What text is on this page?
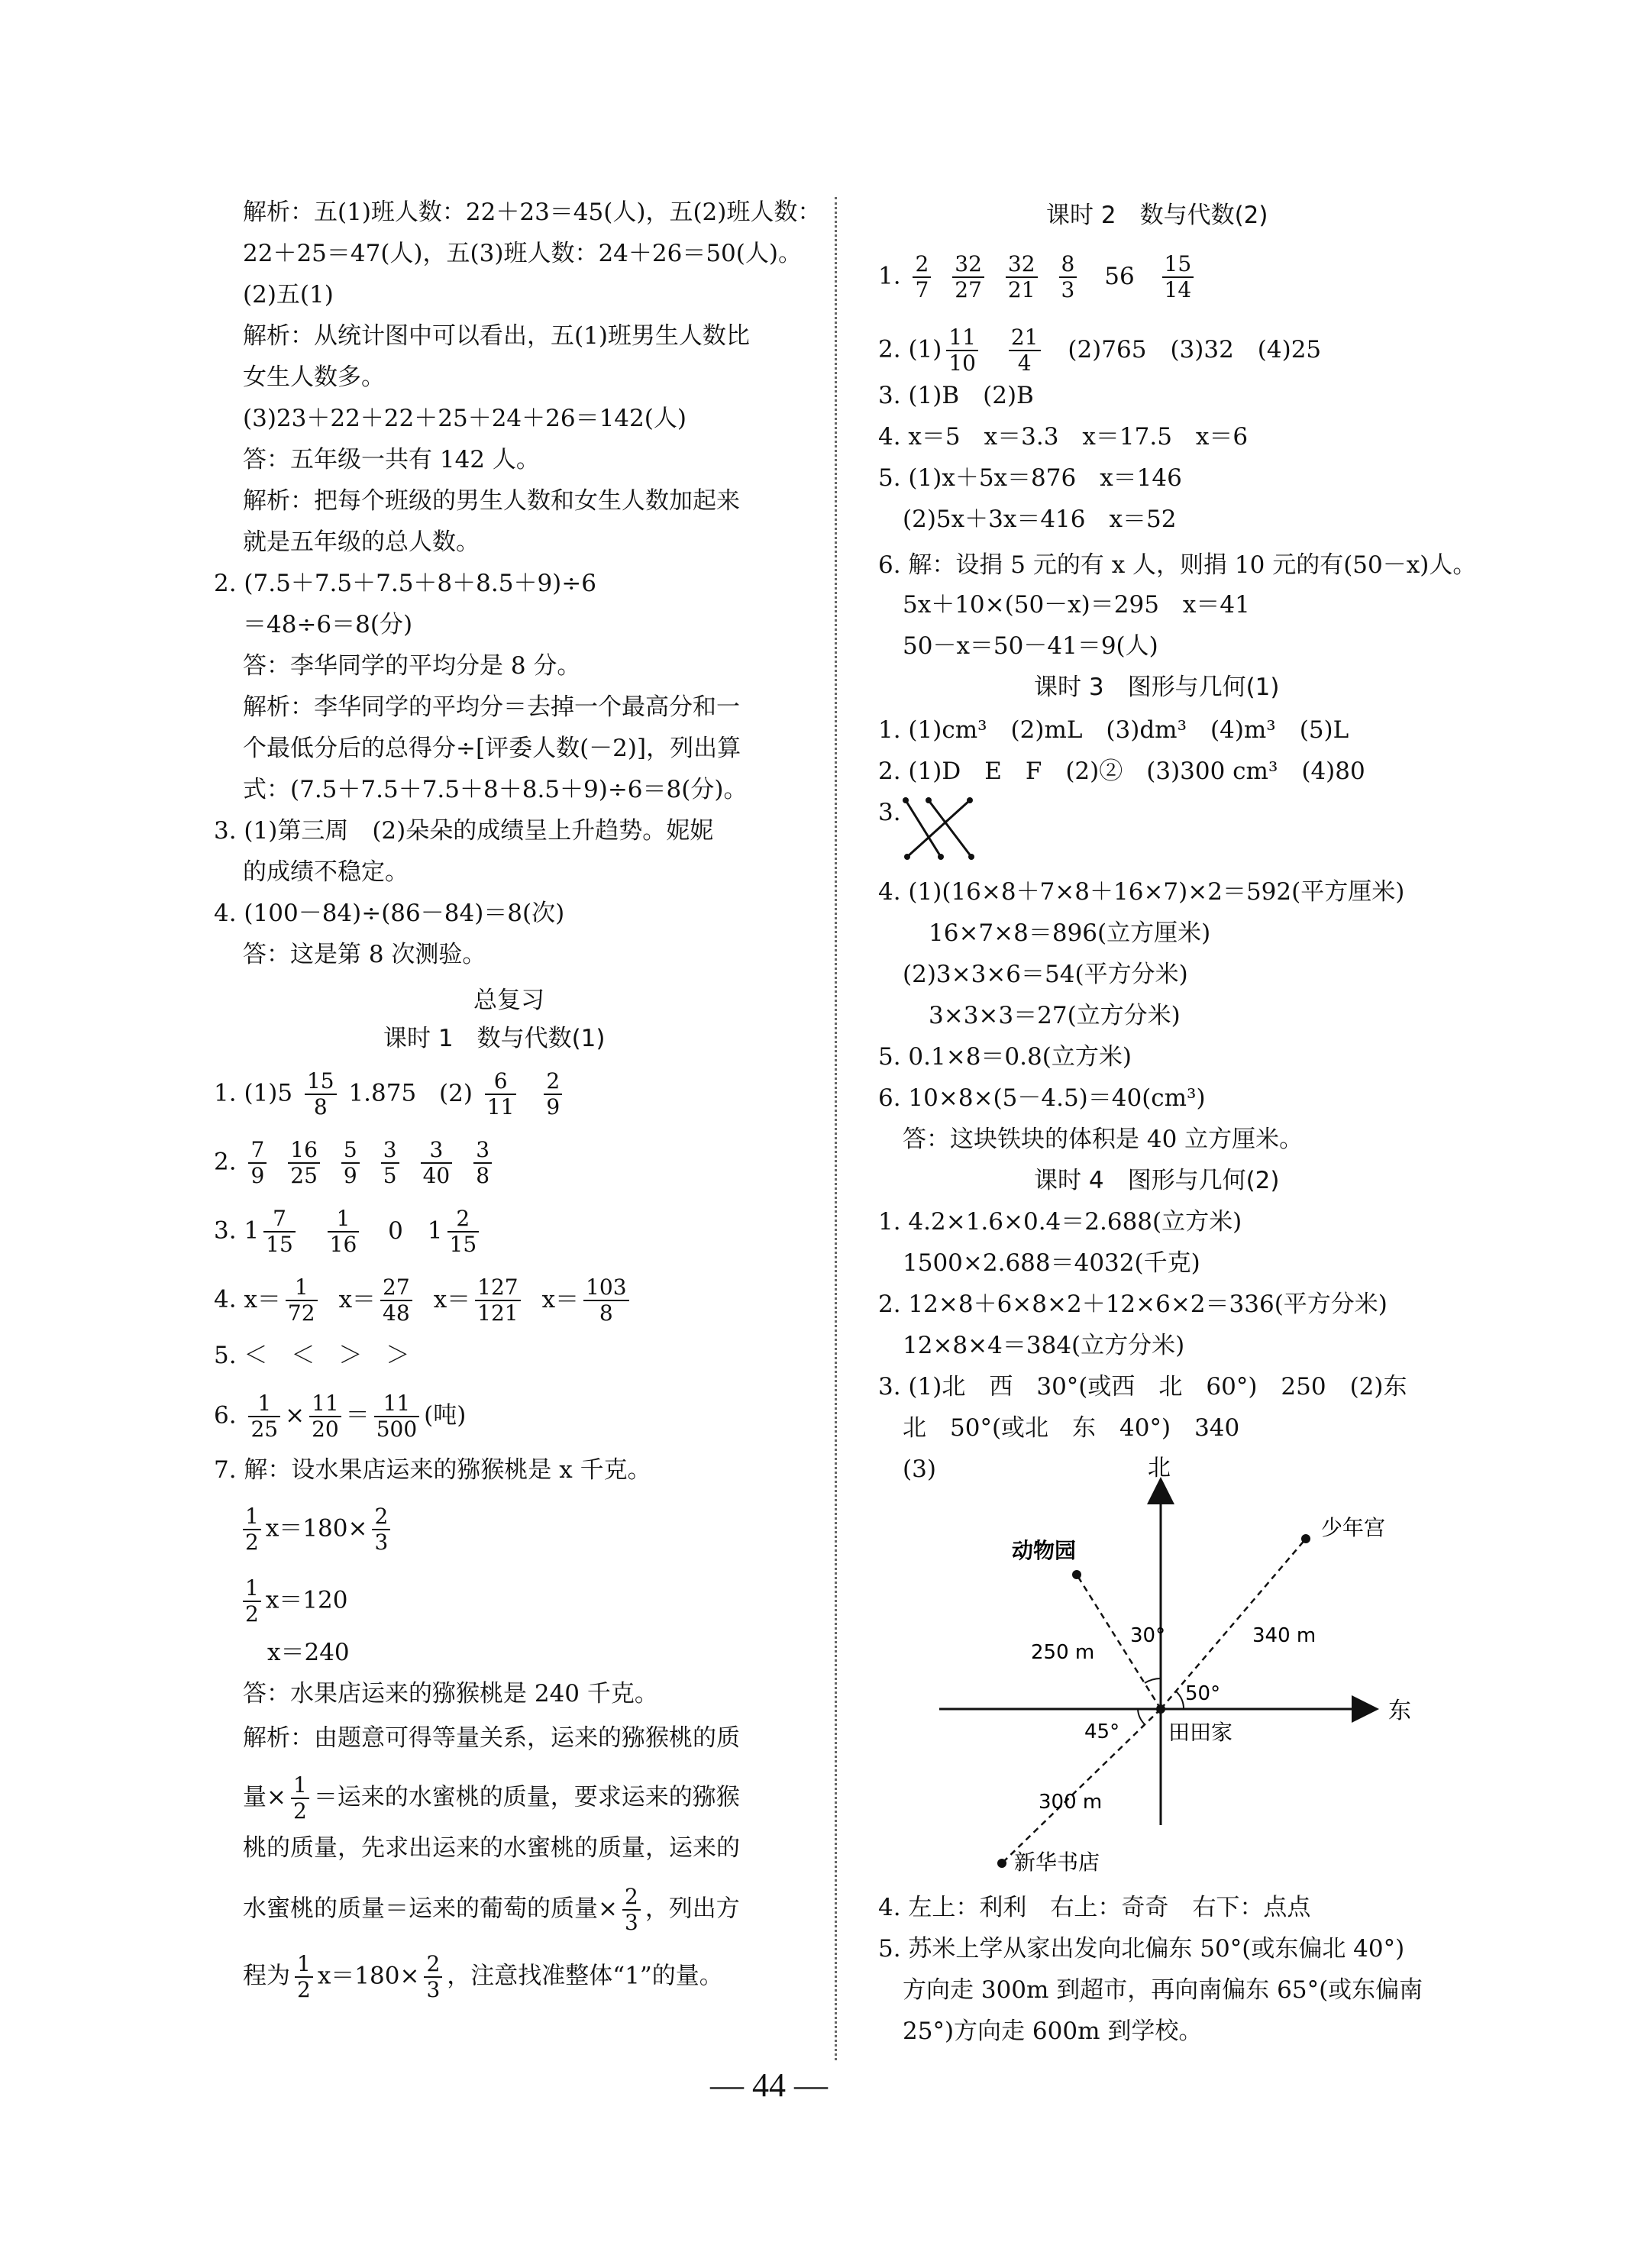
解析：五(1)班人数：22＋23＝45(人)，五(2)班人数：
22＋25＝47(人)，五(3)班人数：24＋26＝50(人)。
(2)五(1)
解析：从统计图中可以看出，五(1)班男生人数比
女生人数多。
(3)23＋22＋22＋25＋24＋26＝142(人)
答：五年级一共有 142 人。
解析：把每个班级的男生人数和女生人数加起来
就是五年级的总人数。
2. (7.5＋7.5＋7.5＋8＋8.5＋9)÷6
＝48÷6＝8(分)
答：李华同学的平均分是 8 分。
解析：李华同学的平均分＝去掉一个最高分和一
个最低分后的总得分÷[评委人数(－2)]，列出算
式：(7.5＋7.5＋7.5＋8＋8.5＋9)÷6＝8(分)。
3. (1)第三周　(2)朵朵的成绩呈上升趋势。妮妮
的成绩不稳定。
4. (100－84)÷(86－84)＝8(次)
答：这是第 8 次测验。
总复习
课时 1　数与代数(1)
1. $(1)5 \frac{15}{8} 1.875$ $(2) \frac{6}{11}$
$\frac{2}{9}$
2. $\frac{7}{9} \frac{16}{25} \frac{5}{9} \frac{3}{5} \frac{3}{40} \frac{3}{8}$
3. $1 \frac{7}{15}$
$\frac{1}{16} 0$ $1 \frac{2}{15}$
4. $x= \frac{1}{72} x= \frac{27}{48} x= \frac{127}{121} x= \frac{103}{8}$
5. ＜　＜　＞　＞
6. $\frac{1}{25} \times \frac{11}{20} = \frac{11}{500}$ (吨)
7. 解：设水果店运来的猕猴桃是 x 千克。
$\frac{1}{2} x=180\times \frac{2}{3}$
$\frac{1}{2} x=120$
x＝240
答：水果店运来的猕猴桃是 240 千克。
解析：由题意可得等量关系，运来的猕猴桃的质
量× $\frac{1}{2}$ ＝运来的水蜜桃的质量，要求运来的猕猴
桃的质量，先求出运来的水蜜桃的质量，运来的
水蜜桃的质量＝运来的葡萄的质量× $\frac{2}{3}$ ，列出方
程为 $\frac{1}{2} x=180\times \frac{2}{3}$ ，注意找准整体“1”的量。
课时 2　数与代数(2)
1. $\frac{2}{7} \frac{32}{27} \frac{32}{21} \frac{8}{3} 56 \frac{15}{14}$
2. $(1) \frac{11}{10}$
$\frac{21}{4} (2)765$　(3)32　(4)25
3. (1)B　(2)B
4. x＝5　x＝3.3　x＝17.5　x＝6
5. (1)x＋5x＝876　x＝146
(2)5x＋3x＝416　x＝52
6. 解：设捐 5 元的有 x 人，则捐 10 元的有(50－x)人。
5x＋10×(50－x)＝295　x＝41
50－x＝50－41＝9(人)
课时 3　图形与几何(1)
1. (1)cm³　(2)mL　(3)dm³　(4)m³　(5)L
2. (1)D　E　F　(2)②　(3)300 cm³　(4)80
3.
4. (1)(16×8＋7×8＋16×7)×2＝592(平方厘米)
16×7×8＝896(立方厘米)
(2)3×3×6＝54(平方分米)
3×3×3＝27(立方分米)
5. 0.1×8＝0.8(立方米)
6. 10×8×(5－4.5)＝40(cm³)
答：这块铁块的体积是 40 立方厘米。
课时 4　图形与几何(2)
1. 4.2×1.6×0.4＝2.688(立方米)
1500×2.688＝4032(千克)
2. 12×8＋6×8×2＋12×6×2＝336(平方分米)
12×8×4＝384(立方分米)
3. (1)北　西　30°(或西　北　60°)　250　(2)东
北　50°(或北　东　40°)　340
(3)	北
东
动物园
少年宫
新华书店
田田家
250 m
340 m
300 m
30°
50°
45°
4. 左上：利利　右上：奇奇　右下：点点
5. 苏米上学从家出发向北偏东 50°(或东偏北 40°)
方向走 300m 到超市，再向南偏东 65°(或东偏南
25°)方向走 600m 到学校。
— 44 —
